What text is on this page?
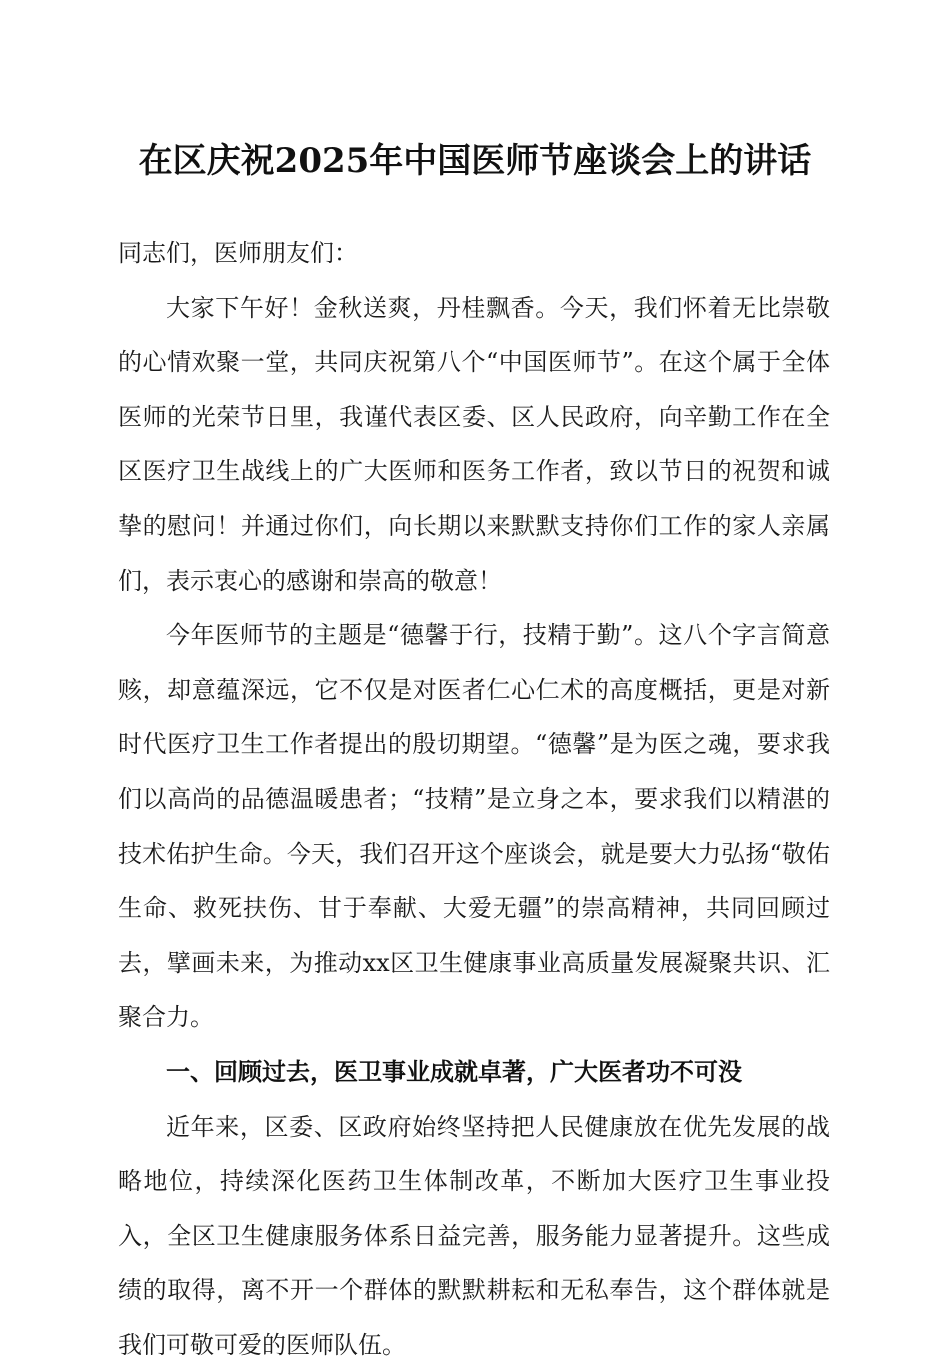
在区庆祝2025年中国医师节座谈会上的讲话

同志们，医师朋友们：

大家下午好！金秋送爽，丹桂飘香。今天，我们怀着无比崇敬的心情欢聚一堂，共同庆祝第八个“中国医师节”。在这个属于全体医师的光荣节日里，我谨代表区委、区人民政府，向辛勤工作在全区医疗卫生战线上的广大医师和医务工作者，致以节日的祝贺和诚挚的慰问！并通过你们，向长期以来默默支持你们工作的家人亲属们，表示衷心的感谢和崇高的敬意！

今年医师节的主题是“德馨于行，技精于勤”。这八个字言简意赅，却意蕴深远，它不仅是对医者仁心仁术的高度概括，更是对新时代医疗卫生工作者提出的殷切期望。“德馨”是为医之魂，要求我们以高尚的品德温暖患者；“技精”是立身之本，要求我们以精湛的技术佑护生命。今天，我们召开这个座谈会，就是要大力弘扬“敬佑生命、救死扶伤、甘于奉献、大爱无疆”的崇高精神，共同回顾过去，擘画未来，为推动xx区卫生健康事业高质量发展凝聚共识、汇聚合力。

一、回顾过去，医卫事业成就卓著，广大医者功不可没

近年来，区委、区政府始终坚持把人民健康放在优先发展的战略地位，持续深化医药卫生体制改革，不断加大医疗卫生事业投入，全区卫生健康服务体系日益完善，服务能力显著提升。这些成绩的取得，离不开一个群体的默默耕耘和无私奉告，这个群体就是我们可敬可爱的医师队伍。
